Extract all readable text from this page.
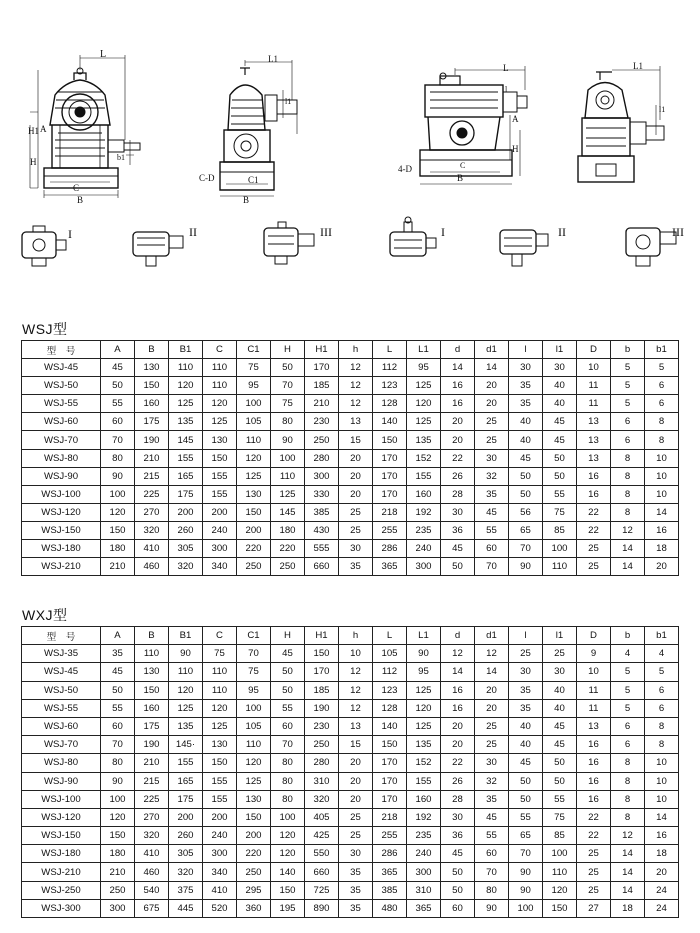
L
H1 A
H	b1
C
B
L1
l1
C-D	C1
B
L
l
A
H
4-D
B
C
L1
l1
I	II	III	I	II	III
WSJ型
型　号	A	B	B1	C	C1	H	H1	h	L	L1	d	d1	l	l1	D	b	b1
WSJ-45	45	130	110	110	75	50	170	12	112	95	14	14	30	30	10	5	5
WSJ-50	50	150	120	110	95	70	185	12	123	125	16	20	35	40	11	5	6
WSJ-55	55	160	125	120	100	75	210	12	128	120	16	20	35	40	11	5	6
WSJ-60	60	175	135	125	105	80	230	13	140	125	20	25	40	45	13	6	8
WSJ-70	70	190	145	130	110	90	250	15	150	135	20	25	40	45	13	6	8
WSJ-80	80	210	155	150	120	100	280	20	170	152	22	30	45	50	13	8	10
WSJ-90	90	215	165	155	125	110	300	20	170	155	26	32	50	50	16	8	10
WSJ-100	100	225	175	155	130	125	330	20	170	160	28	35	50	55	16	8	10
WSJ-120	120	270	200	200	150	145	385	25	218	192	30	45	56	75	22	8	14
WSJ-150	150	320	260	240	200	180	430	25	255	235	36	55	65	85	22	12	16
WSJ-180	180	410	305	300	220	220	555	30	286	240	45	60	70	100	25	14	18
WSJ-210	210	460	320	340	250	250	660	35	365	300	50	70	90	110	25	14	20
WXJ型
型　号	A	B	B1	C	C1	H	H1	h	L	L1	d	d1	l	l1	D	b	b1
WSJ-35	35	110	90	75	70	45	150	10	105	90	12	12	25	25	9	4	4
WSJ-45	45	130	110	110	75	50	170	12	112	95	14	14	30	30	10	5	5
WSJ-50	50	150	120	110	95	50	185	12	123	125	16	20	35	40	11	5	6
WSJ-55	55	160	125	120	100	55	190	12	128	120	16	20	35	40	11	5	6
WSJ-60	60	175	135	125	105	60	230	13	140	125	20	25	40	45	13	6	8
WSJ-70	70	190	145·	130	110	70	250	15	150	135	20	25	40	45	16	6	8
WSJ-80	80	210	155	150	120	80	280	20	170	152	22	30	45	50	16	8	10
WSJ-90	90	215	165	155	125	80	310	20	170	155	26	32	50	50	16	8	10
WSJ-100	100	225	175	155	130	80	320	20	170	160	28	35	50	55	16	8	10
WSJ-120	120	270	200	200	150	100	405	25	218	192	30	45	55	75	22	8	14
WSJ-150	150	320	260	240	200	120	425	25	255	235	36	55	65	85	22	12	16
WSJ-180	180	410	305	300	220	120	550	30	286	240	45	60	70	100	25	14	18
WSJ-210	210	460	320	340	250	140	660	35	365	300	50	70	90	110	25	14	20
WSJ-250	250	540	375	410	295	150	725	35	385	310	50	80	90	120	25	14	24
WSJ-300	300	675	445	520	360	195	890	35	480	365	60	90	100	150	27	18	24
